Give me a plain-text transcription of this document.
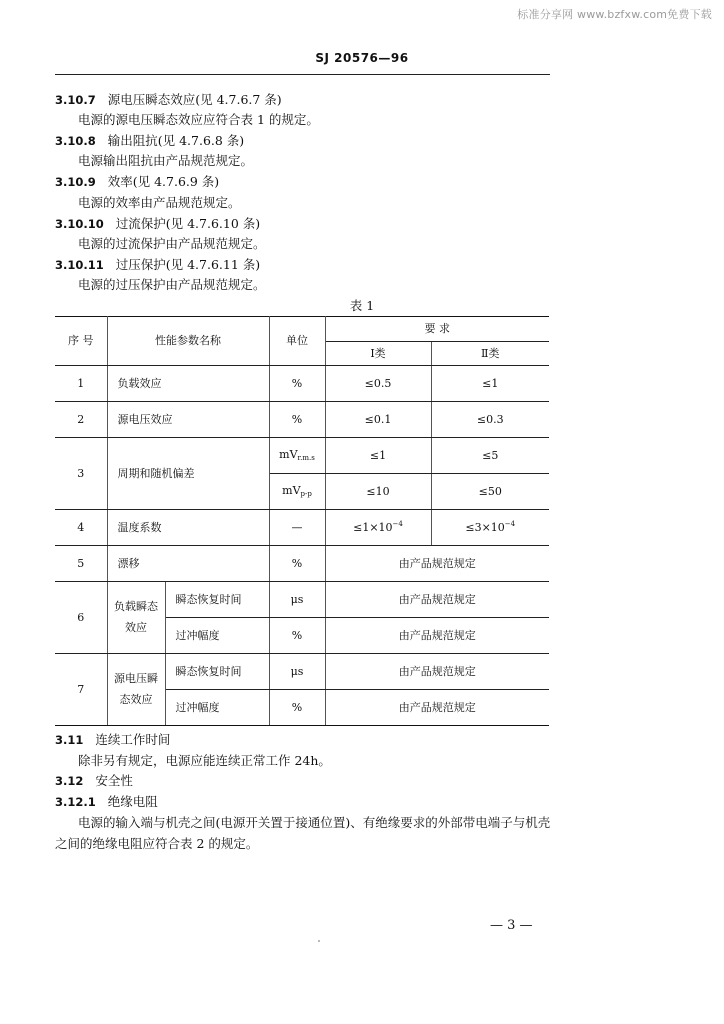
标准分享网 www.bzfxw.com免费下载
SJ 20576—96
3.10.7 源电压瞬态效应(见 4.7.6.7 条)
电源的源电压瞬态效应应符合表 1 的规定。
3.10.8 输出阻抗(见 4.7.6.8 条)
电源输出阻抗由产品规范规定。
3.10.9 效率(见 4.7.6.9 条)
电源的效率由产品规范规定。
3.10.10 过流保护(见 4.7.6.10 条)
电源的过流保护由产品规范规定。
3.10.11 过压保护(见 4.7.6.11 条)
电源的过压保护由产品规范规定。
表 1
序 号	性能参数名称		单位	要 求	
				Ⅰ类	Ⅱ类
1	负载效应		%	≤0.5	≤1
2	源电压效应		%	≤0.1	≤0.3
3	周期和随机偏差		$mV_{r.m.s}$	≤1	≤5
			$mV_{p-p}$	≤10	≤50
4	温度系数		—	$\le 1\times 10^{-4}$	$\le 3\times 10^{-4}$
5	漂移		%	由产品规范规定	
6	负载瞬态效应	瞬态恢复时间	μs	由产品规范规定	
		过冲幅度	%	由产品规范规定	
7	源电压瞬态效应	瞬态恢复时间	μs	由产品规范规定	
		过冲幅度	%	由产品规范规定	
3.11 连续工作时间
除非另有规定，电源应能连续正常工作 24h。
3.12 安全性
3.12.1 绝缘电阻
电源的输入端与机壳之间(电源开关置于接通位置)、有绝缘要求的外部带电端子与机壳
之间的绝缘电阻应符合表 2 的规定。
— 3 —
